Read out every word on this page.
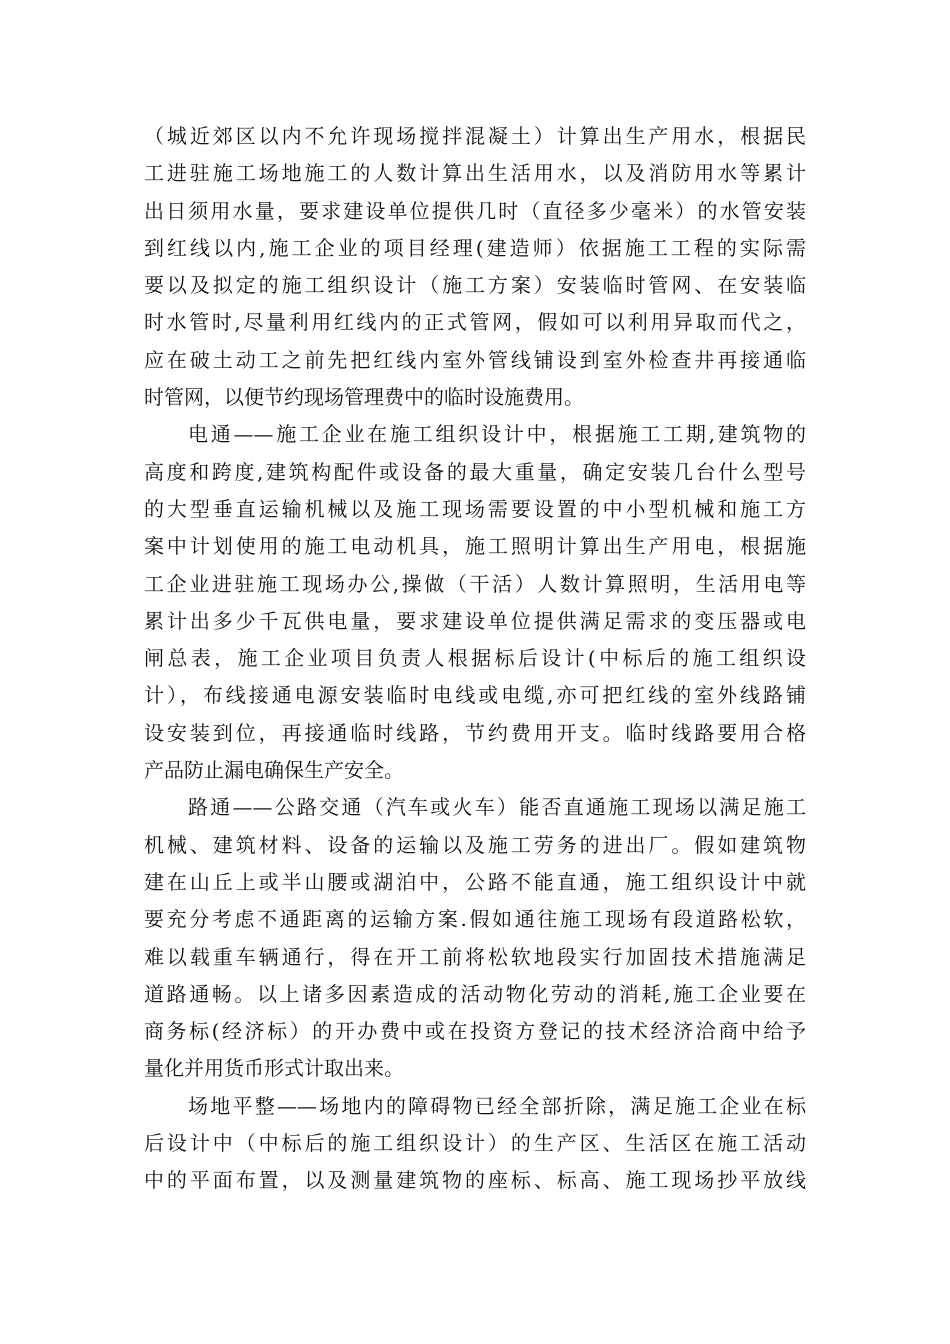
（城近郊区以内不允许现场搅拌混凝土）计算出生产用水，根据民
工进驻施工场地施工的人数计算出生活用水，以及消防用水等累计
出日须用水量，要求建设单位提供几时（直径多少毫米）的水管安装
到红线以内,施工企业的项目经理(建造师）依据施工工程的实际需
要以及拟定的施工组织设计（施工方案）安装临时管网、在安装临
时水管时,尽量利用红线内的正式管网，假如可以利用异取而代之，
应在破土动工之前先把红线内室外管线铺设到室外检查井再接通临
时管网，以便节约现场管理费中的临时设施费用。
电通——施工企业在施工组织设计中，根据施工工期,建筑物的
高度和跨度,建筑构配件或设备的最大重量，确定安装几台什么型号
的大型垂直运输机械以及施工现场需要设置的中小型机械和施工方
案中计划使用的施工电动机具，施工照明计算出生产用电，根据施
工企业进驻施工现场办公,操做（干活）人数计算照明，生活用电等
累计出多少千瓦供电量，要求建设单位提供满足需求的变压器或电
闸总表，施工企业项目负责人根据标后设计(中标后的施工组织设
计），布线接通电源安装临时电线或电缆,亦可把红线的室外线路铺
设安装到位，再接通临时线路，节约费用开支。临时线路要用合格
产品防止漏电确保生产安全。
路通——公路交通（汽车或火车）能否直通施工现场以满足施工
机械、建筑材料、设备的运输以及施工劳务的进出厂。假如建筑物
建在山丘上或半山腰或湖泊中，公路不能直通，施工组织设计中就
要充分考虑不通距离的运输方案.假如通往施工现场有段道路松软，
难以载重车辆通行，得在开工前将松软地段实行加固技术措施满足
道路通畅。以上诸多因素造成的活动物化劳动的消耗,施工企业要在
商务标(经济标）的开办费中或在投资方登记的技术经济洽商中给予
量化并用货币形式计取出来。
场地平整——场地内的障碍物已经全部折除，满足施工企业在标
后设计中（中标后的施工组织设计）的生产区、生活区在施工活动
中的平面布置，以及测量建筑物的座标、标高、施工现场抄平放线
